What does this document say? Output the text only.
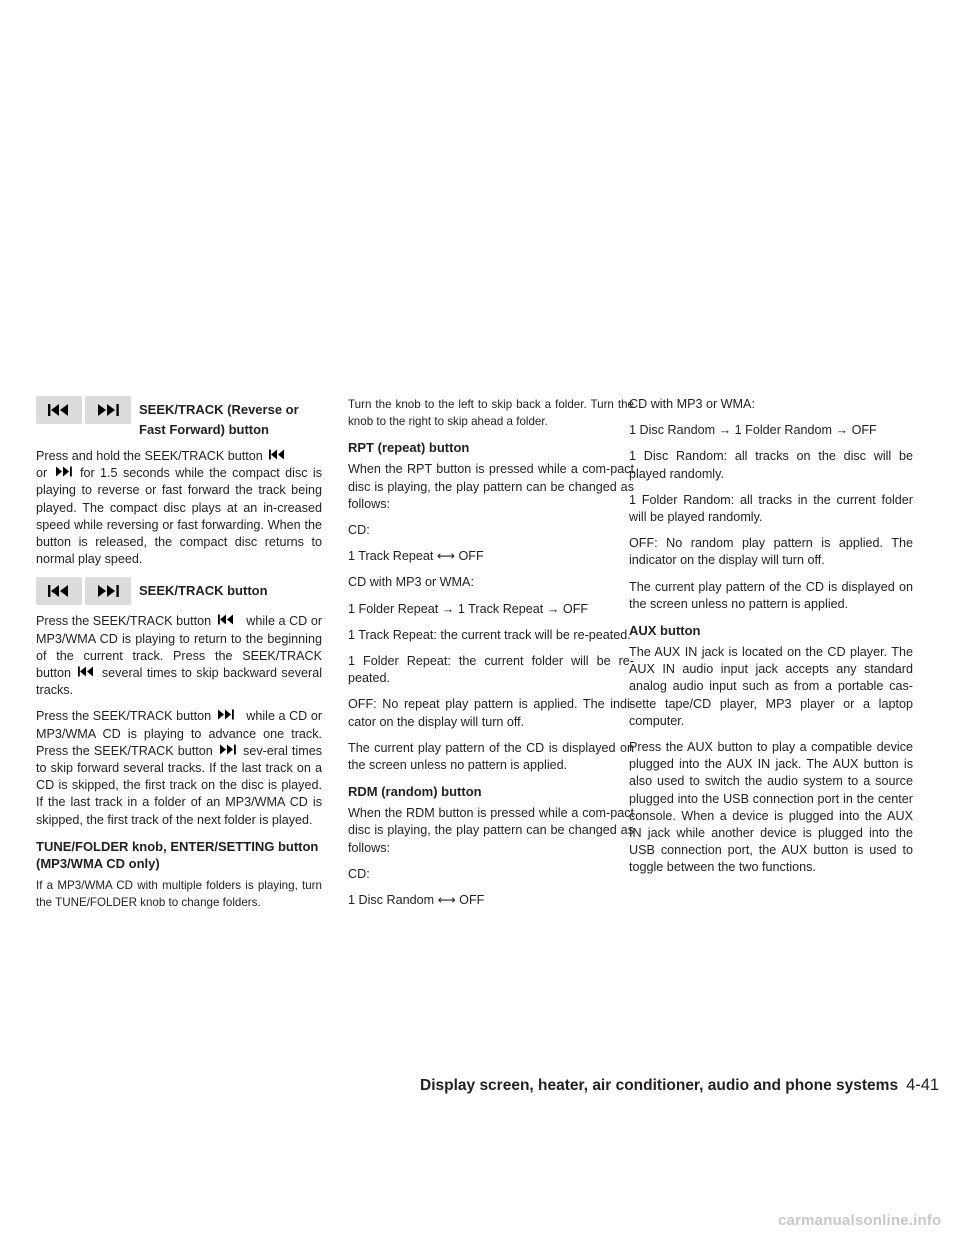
SEEK/TRACK (Reverse or
Fast Forward) button

Press and hold the SEEK/TRACK button
or	for 1.5 seconds while the compact disc is playing to reverse or fast forward the track being played. The compact disc plays at an in-creased speed while reversing or fast forwarding. When the button is released, the compact disc returns to normal play speed.

SEEK/TRACK button

Press the SEEK/TRACK button	while a CD or MP3/WMA CD is playing to return to the beginning of the current track. Press the SEEK/TRACK button several times to skip backward several tracks.

Press the SEEK/TRACK button	while a CD or MP3/WMA CD is playing to advance one track. Press the SEEK/TRACK button sev-eral times to skip forward several tracks. If the last track on a CD is skipped, the first track on the disc is played. If the last track in a folder of an MP3/WMA CD is skipped, the first track of the next folder is played.

TUNE/FOLDER knob, ENTER/SETTING button (MP3/WMA CD only)

If a MP3/WMA CD with multiple folders is playing, turn the TUNE/FOLDER knob to change folders.

Turn the knob to the left to skip back a folder. Turn the knob to the right to skip ahead a folder.

RPT (repeat) button

When the RPT button is pressed while a com-pact disc is playing, the play pattern can be changed as follows:

CD:

1 Track Repeat ⟷ OFF

CD with MP3 or WMA:

1 Folder Repeat → 1 Track Repeat → OFF

1 Track Repeat: the current track will be re-peated.

1 Folder Repeat: the current folder will be re-peated.

OFF: No repeat play pattern is applied. The indi-cator on the display will turn off.

The current play pattern of the CD is displayed on the screen unless no pattern is applied.

RDM (random) button

When the RDM button is pressed while a com-pact disc is playing, the play pattern can be changed as follows:

CD:

1 Disc Random ⟷ OFF

CD with MP3 or WMA:

1 Disc Random → 1 Folder Random → OFF

1 Disc Random: all tracks on the disc will be played randomly.

1 Folder Random: all tracks in the current folder will be played randomly.

OFF: No random play pattern is applied. The indicator on the display will turn off.

The current play pattern of the CD is displayed on the screen unless no pattern is applied.

AUX button

The AUX IN jack is located on the CD player. The AUX IN audio input jack accepts any standard analog audio input such as from a portable cas-sette tape/CD player, MP3 player or a laptop computer.

Press the AUX button to play a compatible device plugged into the AUX IN jack. The AUX button is also used to switch the audio system to a source plugged into the USB connection port in the center console. When a device is plugged into the AUX IN jack while another device is plugged into the USB connection port, the AUX button is used to toggle between the two functions.

Display screen, heater, air conditioner, audio and phone systems 4-41
carmanualsonline.info
